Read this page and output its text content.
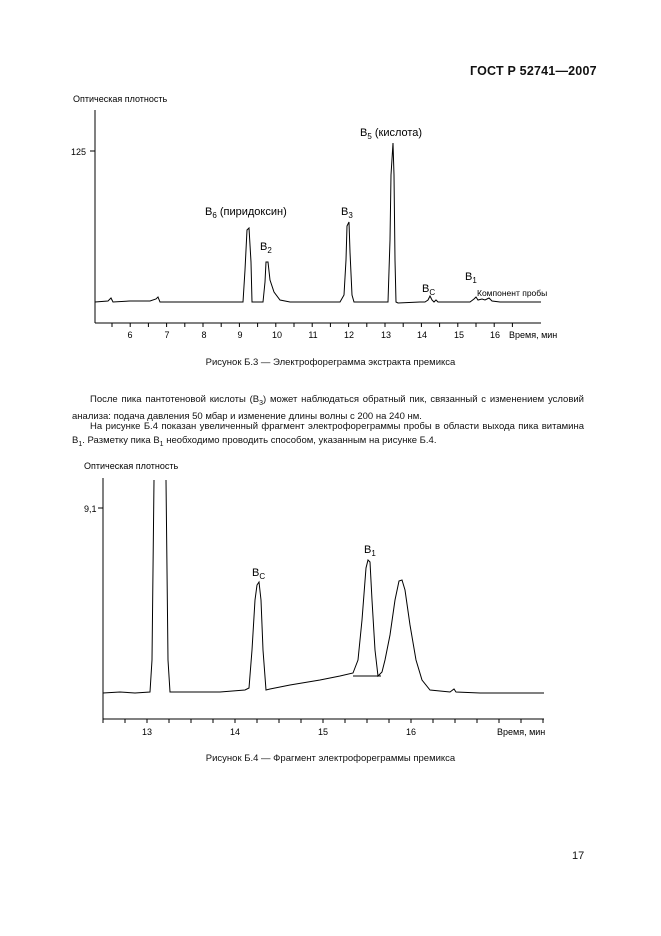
ГОСТ Р 52741—2007
Оптическая плотность
125
6	7	8	9	10	11	12	13	14	15	16 Время, мин
$B_6$ (пиридоксин)
$B_2$
$B_3$
$B_5$ (кислота)
$B_C$
$B_1$
Компонент пробы
Рисунок Б.3 — Электрофореграмма экстракта премикса
После пика пантотеновой кислоты $(B_3)$ может наблюдаться обратный пик, связанный с изменением условий анализа: подача давления 50 мбар и изменение длины волны с 200 на 240 нм.
На рисунке Б.4 показан увеличенный фрагмент электрофореграммы пробы в области выхода пика витамина $B_1$. Разметку пика $B_1$ необходимо проводить способом, указанным на рисунке Б.4.
Оптическая плотность
9,1
13	14	15	16	Время, мин
$B_C$
$B_1$
Рисунок Б.4 — Фрагмент электрофореграммы премикса
17
